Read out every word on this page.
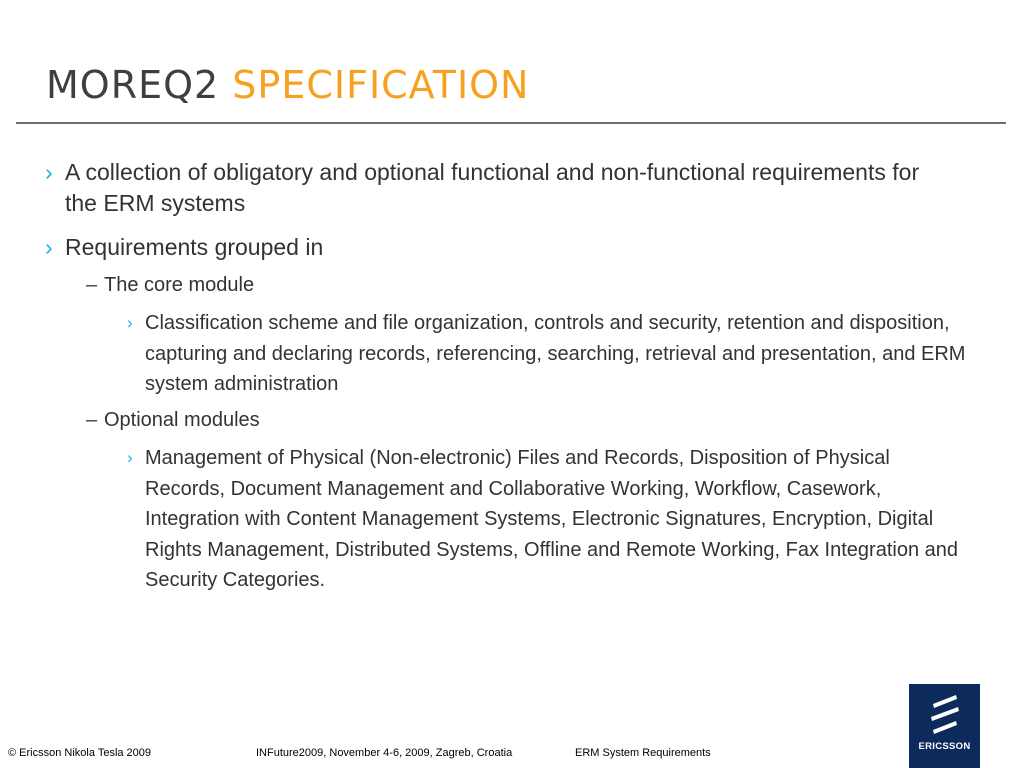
MOREQ2 SPECIFICATION
› A collection of obligatory and optional functional and non-functional requirements for the ERM systems
› Requirements grouped in
– The core module
› Classification scheme and file organization, controls and security, retention and disposition, capturing and declaring records, referencing, searching, retrieval and presentation, and ERM system administration
– Optional modules
› Management of Physical (Non-electronic) Files and Records, Disposition of Physical Records, Document Management and Collaborative Working, Workflow, Casework, Integration with Content Management Systems, Electronic Signatures, Encryption, Digital Rights Management, Distributed Systems, Offline and Remote Working, Fax Integration and Security Categories.
© Ericsson Nikola Tesla 2009	INFuture2009, November 4-6, 2009, Zagreb, Croatia	ERM System Requirements
ERICSSON
